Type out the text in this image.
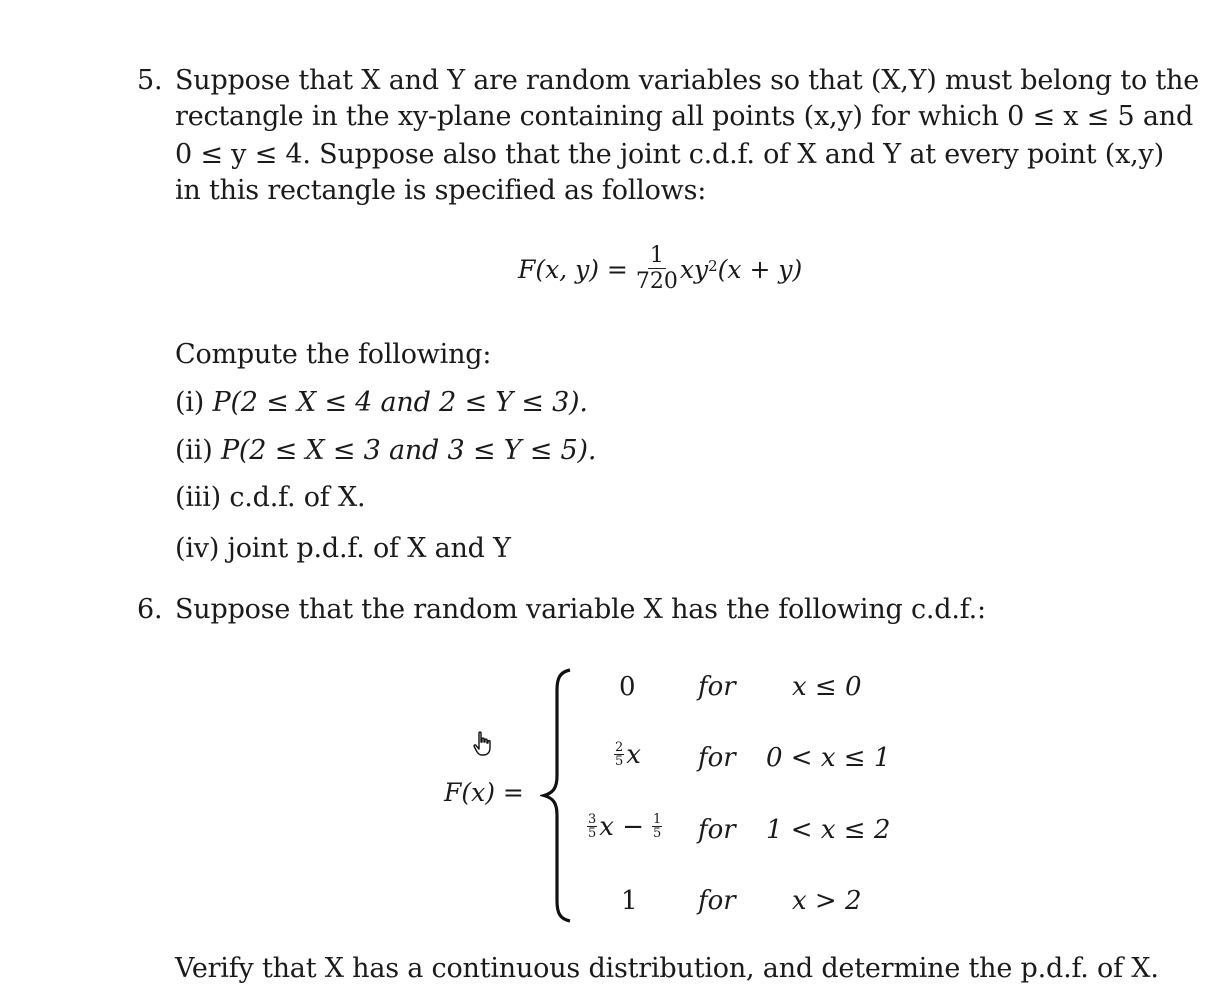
5. Suppose that X and Y are random variables so that (X,Y) must belong to the
rectangle in the xy-plane containing all points (x,y) for which 0 ≤ x ≤ 5 and
0 ≤ y ≤ 4. Suppose also that the joint c.d.f. of X and Y at every point (x,y)
in this rectangle is specified as follows:
F(x, $y) = \frac{1}{720} xy^2$ (x + y)
Compute the following:
(i) P(2 ≤ X ≤ 4 and 2 ≤ Y ≤ 3).
(ii) P(2 ≤ X ≤ 3 and 3 ≤ Y ≤ 5).
(iii) c.d.f. of X.
(iv) joint p.d.f. of X and Y
6. Suppose that the random variable X has the following c.d.f.:
F(x) =
0 for x ≤ 0
$\frac{2}{5}$ x for 0 < x ≤ 1
$\frac{3}{5}$ $x - \frac{1}{5}$ for 1 < x ≤ 2
1 for x > 2
Verify that X has a continuous distribution, and determine the p.d.f. of X.
